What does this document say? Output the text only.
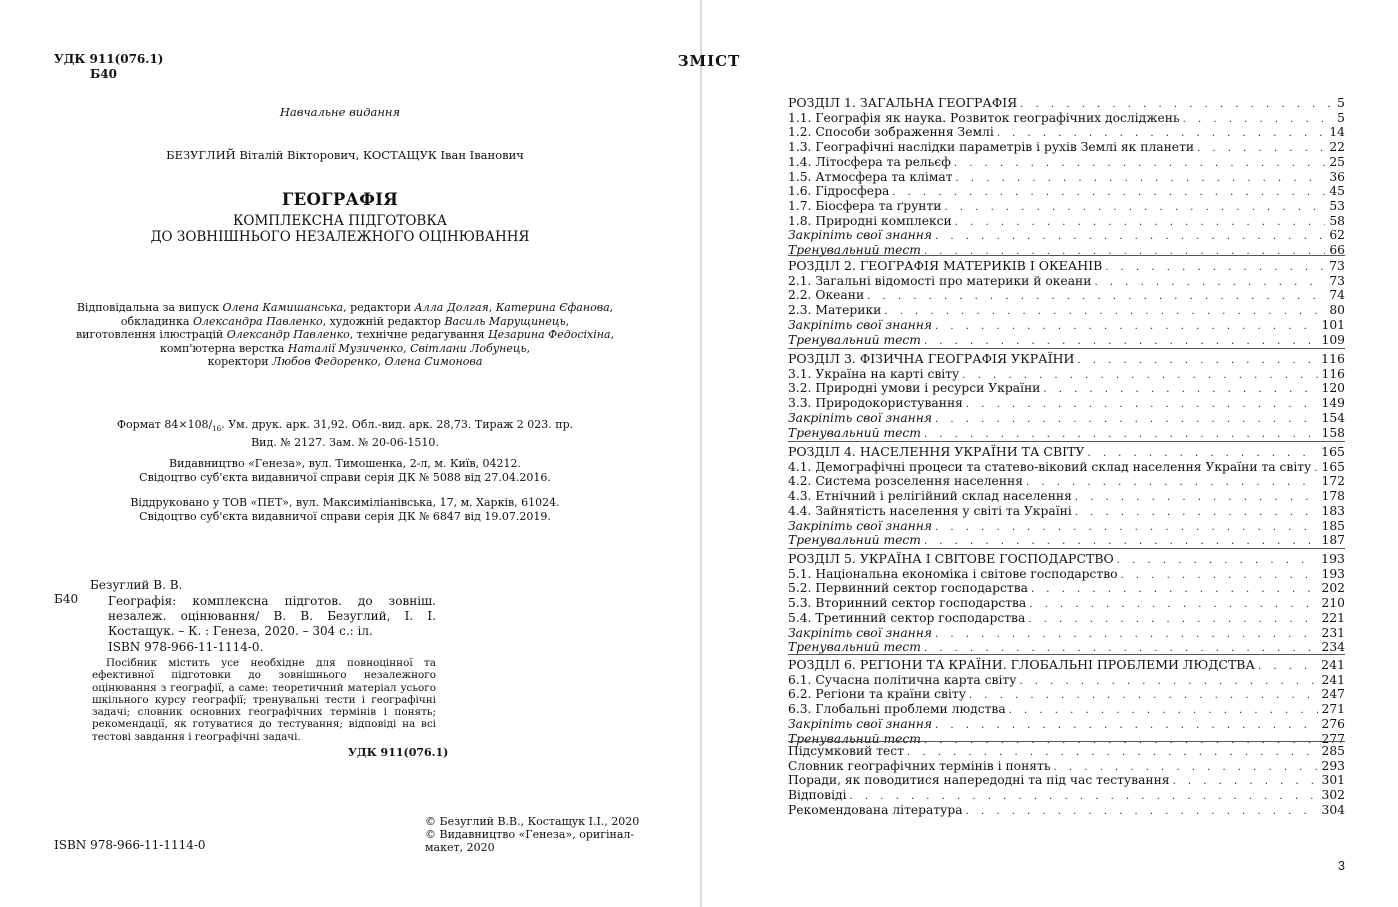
УДК 911(076.1)
Б40
Навчальне видання
БЕЗУГЛИЙ Віталій Вікторович, КОСТАЩУК Іван Іванович
ГЕОГРАФІЯ
КОМПЛЕКСНА ПІДГОТОВКА
ДО ЗОВНІШНЬОГО НЕЗАЛЕЖНОГО ОЦІНЮВАННЯ
Відповідальна за випуск Олена Камишанська, редактори Алла Долгая, Катерина Єфанова,
обкладинка Олександра Павленко, художній редактор Василь Марущинець,
виготовлення ілюстрацій Олександр Павленко, технічне редагування Цезарина Федосіхіна,
комп'ютерна верстка Наталії Музиченко, Світлани Лобунець,
коректори Любов Федоренко, Олена Симонова
Формат $84\times 108/_{16}$. Ум. друк. арк. 31,92. Обл.-вид. арк. 28,73. Тираж 2 023. пр.
Вид. № 2127. Зам. № 20-06-1510.
Видавництво «Генеза», вул. Тимошенка, 2-л, м. Київ, 04212.
Свідоцтво суб'єкта видавничої справи серія ДК № 5088 від 27.04.2016.
Віддруковано у ТОВ «ПЕТ», вул. Максиміліанівська, 17, м. Харків, 61024.
Свідоцтво суб'єкта видавничої справи серія ДК № 6847 від 19.07.2019.
Безуглий В. В.
Б40 Географія: комплексна підготов. до зовніш. незалеж. оцінювання/ В. В. Безуглий, І. І. Костащук. – К. : Генеза, 2020. – 304 с.: іл.
ISBN 978-966-11-1114-0.
Посібник містить усе необхідне для повноцінної та ефективної підготовки до зовнішнього незалежного оцінювання з географії, а саме: теоретичний матеріал усього шкільного курсу географії; тренувальні тести і географічні задачі; словник основних географічних термінів і понять; рекомендації, як готуватися до тестування; відповіді на всі тестові завдання і географічні задачі.
УДК 911(076.1)
© Безуглий В.В., Костащук І.І., 2020
© Видавництво «Генеза», оригінал-макет, 2020
ISBN 978-966-11-1114-0
ЗМІСТ
РОЗДІЛ 1. ЗАГАЛЬНА ГЕОГРАФІЯ . . .	5
1.1. Географія як наука. Розвиток географічних досліджень . . .	5
1.2. Способи зображення Землі . . .	14
1.3. Географічні наслідки параметрів і рухів Землі як планети . . .	22
1.4. Літосфера та рельєф . . .	25
1.5. Атмосфера та клімат . . .	36
1.6. Гідросфера . . .	45
1.7. Біосфера та ґрунти . . .	53
1.8. Природні комплекси . . .	58
Закріпіть свої знання . . .	62
Тренувальний тест . . .	66
РОЗДІЛ 2. ГЕОГРАФІЯ МАТЕРИКІВ І ОКЕАНІВ . . .	73
2.1. Загальні відомості про материки й океани . . .	73
2.2. Океани . . .	74
2.3. Материки . . .	80
Закріпіть свої знання . . .	101
Тренувальний тест . . .	109
РОЗДІЛ 3. ФІЗИЧНА ГЕОГРАФІЯ УКРАЇНИ . . .	116
3.1. Україна на карті світу . . .	116
3.2. Природні умови і ресурси України . . .	120
3.3. Природокористування . . .	149
Закріпіть свої знання . . .	154
Тренувальний тест . . .	158
РОЗДІЛ 4. НАСЕЛЕННЯ УКРАЇНИ ТА СВІТУ . . .	165
4.1. Демографічні процеси та статево-віковий склад населення України та світу . . . 165
4.2. Система розселення населення . . .	172
4.3. Етнічний і релігійний склад населення . . .	178
4.4. Зайнятість населення у світі та Україні . . .	183
Закріпіть свої знання . . .	185
Тренувальний тест . . .	187
РОЗДІЛ 5. УКРАЇНА І СВІТОВЕ ГОСПОДАРСТВО . . .	193
5.1. Національна економіка і світове господарство . . .	193
5.2. Первинний сектор господарства . . .	202
5.3. Вторинний сектор господарства . . .	210
5.4. Третинний сектор господарства . . .	221
Закріпіть свої знання . . .	231
Тренувальний тест . . .	234
РОЗДІЛ 6. РЕГІОНИ ТА КРАЇНИ. ГЛОБАЛЬНІ ПРОБЛЕМИ ЛЮДСТВА . . .	241
6.1. Сучасна політична карта світу . . .	241
6.2. Регіони та країни світу . . .	247
6.3. Глобальні проблеми людства . . .	271
Закріпіть свої знання . . .	276
Тренувальний тест . . .	277
Підсумковий тест . . .	285
Словник географічних термінів і понять . . .	293
Поради, як поводитися напередодні та під час тестування . . .	301
Відповіді . . .	302
Рекомендована література . . .	304
3
